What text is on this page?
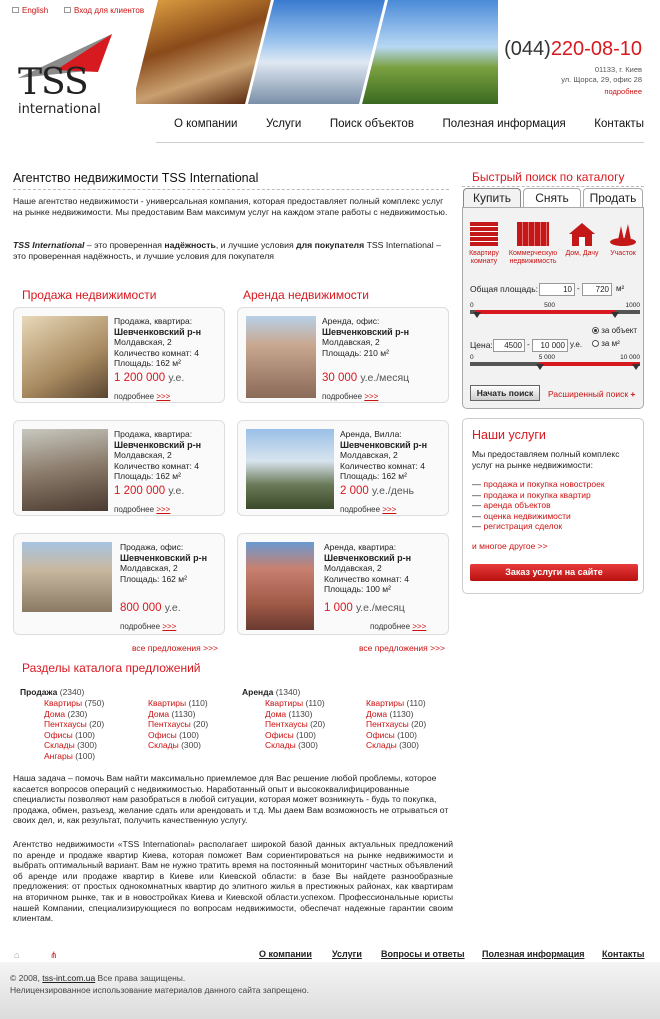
English	Вход для клиентов
TSS
international
(044)220-08-10
01133, г. Киев
ул. Щорса, 29, офис 28
подробнее
О компании Услуги Поиск объектов Полезная информация Контакты
Агентство недвижимости TSS International
Наше агентство недвижимости - универсальная компания, которая предоставляет полный комплекс услуг на рынке недвижимости. Мы предоставим Вам максимум услуг на каждом этапе работы с недвижимостью.
TSS International – это проверенная надёжность, и лучшие условия для покупателя TSS International – это проверенная надёжность, и лучшие условия для покупателя
Продажа недвижимости	Аренда недвижимости
Продажа, квартира:
Шевченковский р-н
Молдавская, 2
Количество комнат: 4
Площадь: 162 м²
1 200 000 у.е.
подробнее >>>
Продажа, квартира:
Шевченковский р-н
Молдавская, 2
Количество комнат: 4
Площадь: 162 м²
1 200 000 у.е.
подробнее >>>
Продажа, офис:
Шевченковский р-н
Молдавская, 2
Площадь: 162 м²
800 000 у.е.
подробнее >>>
Аренда, офис:
Шевченковский р-н
Молдавская, 2
Площадь: 210 м²
30 000 у.е./месяц
подробнее >>>
Аренда, Вилла:
Шевченковский р-н
Молдавская, 2
Количество комнат: 4
Площадь: 162 м²
2 000 у.е./день
подробнее >>>
Аренда, квартира:
Шевченковский р-н
Молдавская, 2
Количество комнат: 4
Площадь: 100 м²
1 000 у.е./месяц
подробнее >>>
все предложения >>>	все предложения >>>
Разделы каталога предложений
Продажа (2340)	Аренда (1340)
Квартиры (750)
Дома (230)
Пентхаусы (20)
Офисы (100)
Склады (300)
Ангары (100)
Квартиры (110)
Дома (1130)
Пентхаусы (20)
Офисы (100)
Склады (300)
Квартиры (110)
Дома (1130)
Пентхаусы (20)
Офисы (100)
Склады (300)
Квартиры (110)
Дома (1130)
Пентхаусы (20)
Офисы (100)
Склады (300)
Наша задача – помочь Вам найти максимально приемлемое для Вас решение любой проблемы, которое касается вопросов операций с недвижимостью. Наработанный опыт и высококвалифицированные специалисты позволяют нам разобраться в любой ситуации, которая может возникнуть - будь то покупка, продажа, обмен, разъезд, желание сдать или арендовать и т.д. Мы даем Вам возможность не отрываться от своих дел, и, как результат, получить качественную услугу.
Агентство недвижимости «TSS International» располагает широкой базой данных актуальных предложений по аренде и продаже квартир Киева, которая поможет Вам сориентироваться на рынке недвижимости и выбрать оптимальный вариант. Вам не нужно тратить время на постоянный мониторинг частных объявлений об аренде или продаже квартир в Киеве или Киевской области: в базе Вы найдете разнообразные предложения: от простых однокомнатных квартир до элитного жилья в престижных районах, как квартирам на вторичном рынке, так и в новостройках Киева и Киевской области.успехом. Профессиональные юристы нашей Компании, специализирующиеся по вопросам недвижимости, обеспечат надежные гарантии своим клиентам.
Быстрый поиск по каталогу
Купить	Снять	Продать
Квартиру
комнату
Коммерческую
недвижимость
Дом, Дачу	Участок
Общая площадь:	10 -	720 м²
0	500	1000
за объект
за м²
Цена:	4500 -	10 000 у.е.
0	5 000	10 000
Начать поиск	Расширенный поиск +
Наши услуги
Мы предоставляем полный комплекс услуг на рынке недвижимости:
— продажа и покупка новостроек
— продажа и покупка квартир
— аренда объектов
— оценка недвижимости
— регистрация сделок
и многое другое >>
Заказ услуги на сайте
⌂	⋔	О компании Услуги Вопросы и ответы Полезная информация Контакты
© 2008, tss-int.com.ua Все права защищены.
Нелицензированное использование материалов данного сайта запрещено.
